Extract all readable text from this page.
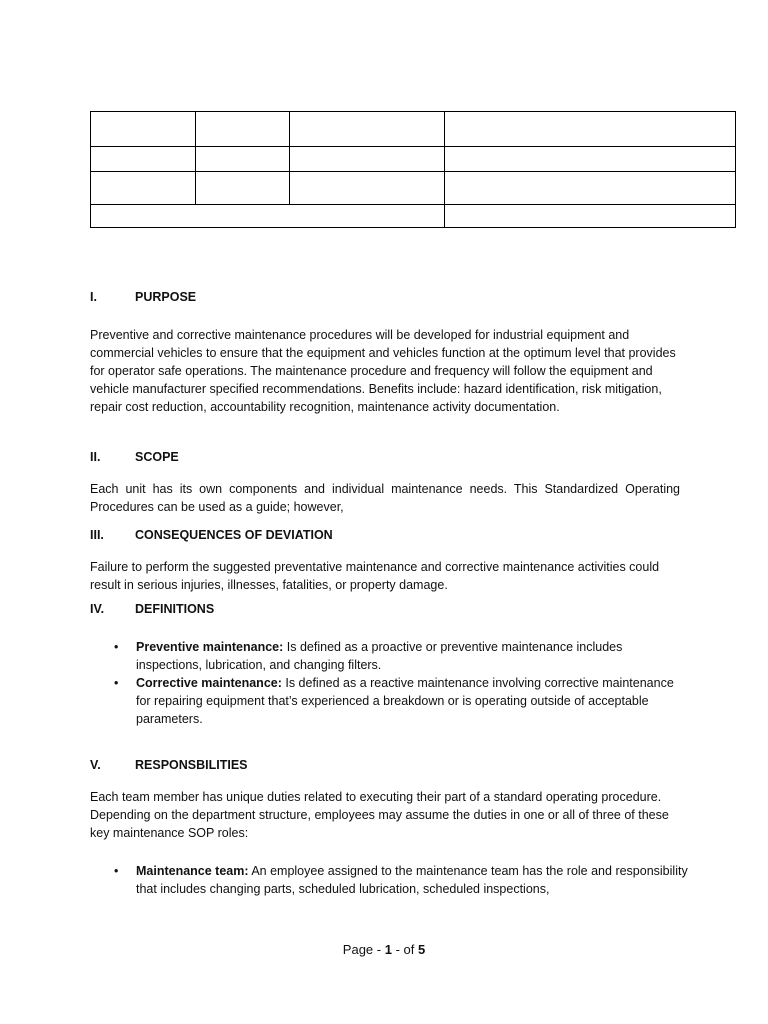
I.	PURPOSE
Preventive and corrective maintenance procedures will be developed for industrial equipment and commercial vehicles to ensure that the equipment and vehicles function at the optimum level that provides for operator safe operations. The maintenance procedure and frequency will follow the equipment and vehicle manufacturer specified recommendations. Benefits include: hazard identification, risk mitigation, repair cost reduction, accountability recognition, maintenance activity documentation.
II.	SCOPE
Each unit has its own components and individual maintenance needs. This Standardized Operating Procedures can be used as a guide; however,
III. CONSEQUENCES OF DEVIATION
Failure to perform the suggested preventative maintenance and corrective maintenance activities could result in serious injuries, illnesses, fatalities, or property damage.
IV. DEFINITIONS
• Preventive maintenance: Is defined as a proactive or preventive maintenance includes inspections, lubrication, and changing filters.
• Corrective maintenance: Is defined as a reactive maintenance involving corrective maintenance for repairing equipment that’s experienced a breakdown or is operating outside of acceptable parameters.
V.	RESPONSBILITIES
Each team member has unique duties related to executing their part of a standard operating procedure. Depending on the department structure, employees may assume the duties in one or all of three of these key maintenance SOP roles:
• Maintenance team: An employee assigned to the maintenance team has the role and responsibility that includes changing parts, scheduled lubrication, scheduled inspections,
Page - 1 - of 5
